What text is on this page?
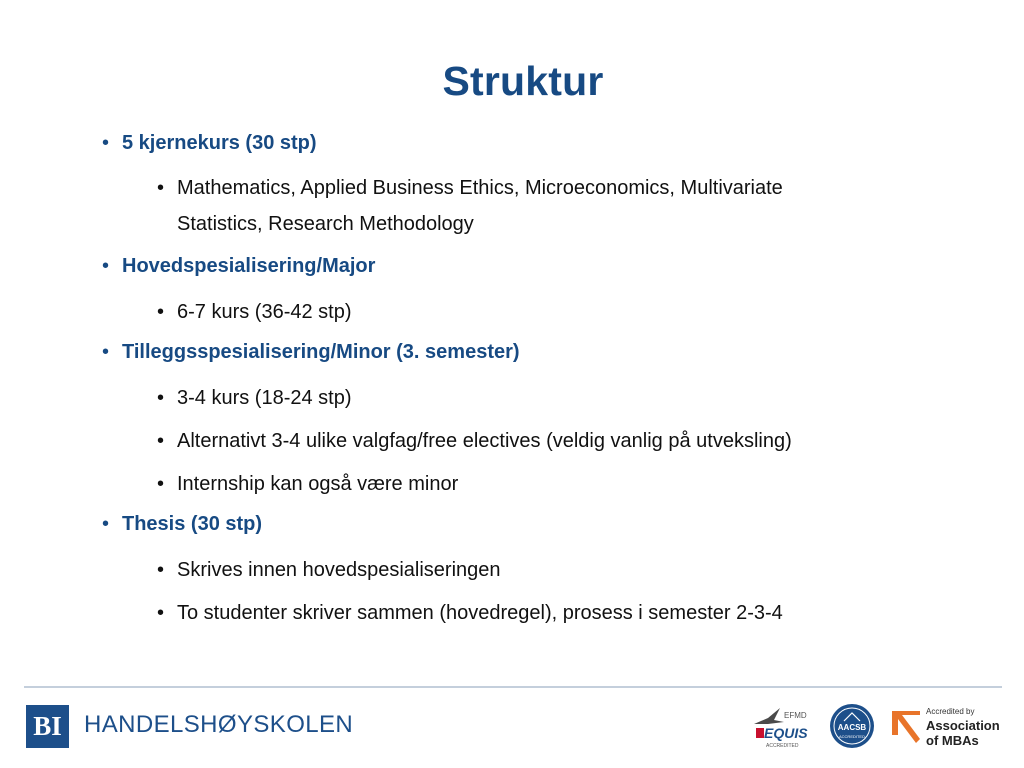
Struktur
• 5 kjernekurs (30 stp)
• Mathematics, Applied Business Ethics, Microeconomics, Multivariate Statistics, Research Methodology
• Hovedspesialisering/Major
• 6-7 kurs (36-42 stp)
• Tilleggsspesialisering/Minor (3. semester)
• 3-4 kurs (18-24 stp)
• Alternativt 3-4 ulike valgfag/free electives (veldig vanlig på utveksling)
• Internship kan også være minor
• Thesis (30 stp)
• Skrives innen hovedspesialiseringen
• To studenter skriver sammen (hovedregel), prosess i semester 2-3-4
BI HANDELSHØYSKOLEN	EFMD
EQUIS
ACCREDITED
AACSB
ACCREDITED
Accredited by
Association
of MBAs
